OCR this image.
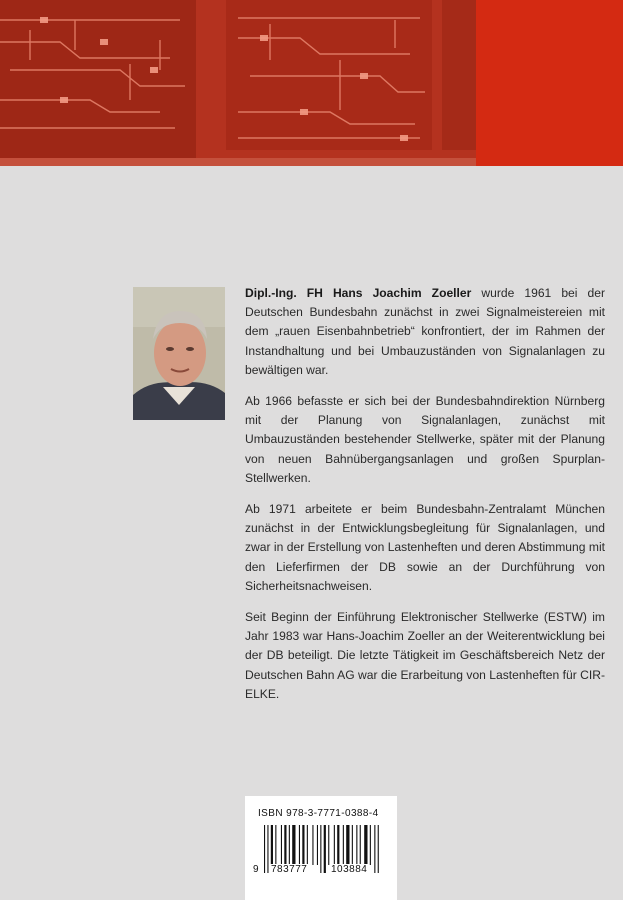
Dipl.-Ing. FH Hans Joachim Zoeller wurde 1961 bei der Deutschen Bundesbahn zunächst in zwei Signalmeistereien mit dem „rauen Eisenbahnbetrieb“ konfrontiert, der im Rahmen der Instandhaltung und bei Umbauzuständen von Signalanlagen zu bewältigen war.

Ab 1966 befasste er sich bei der Bundesbahndirektion Nürnberg mit der Planung von Signalanlagen, zunächst mit Umbauzuständen bestehender Stellwerke, später mit der Planung von neuen Bahnübergangsanlagen und großen Spurplan-Stellwerken.

Ab 1971 arbeitete er beim Bundesbahn-Zentralamt München zunächst in der Entwicklungsbegleitung für Signalanlagen, und zwar in der Erstellung von Lastenheften und deren Abstimmung mit den Lieferfirmen der DB sowie an der Durchführung von Sicherheitsnachweisen.

Seit Beginn der Einführung Elektronischer Stellwerke (ESTW) im Jahr 1983 war Hans-Joachim Zoeller an der Weiterentwicklung bei der DB beteiligt. Die letzte Tätigkeit im Geschäftsbereich Netz der Deutschen Bahn AG war die Erarbeitung von Lastenheften für CIR-ELKE.

ISBN 978-3-7771-0388-4
9 783777 103884
